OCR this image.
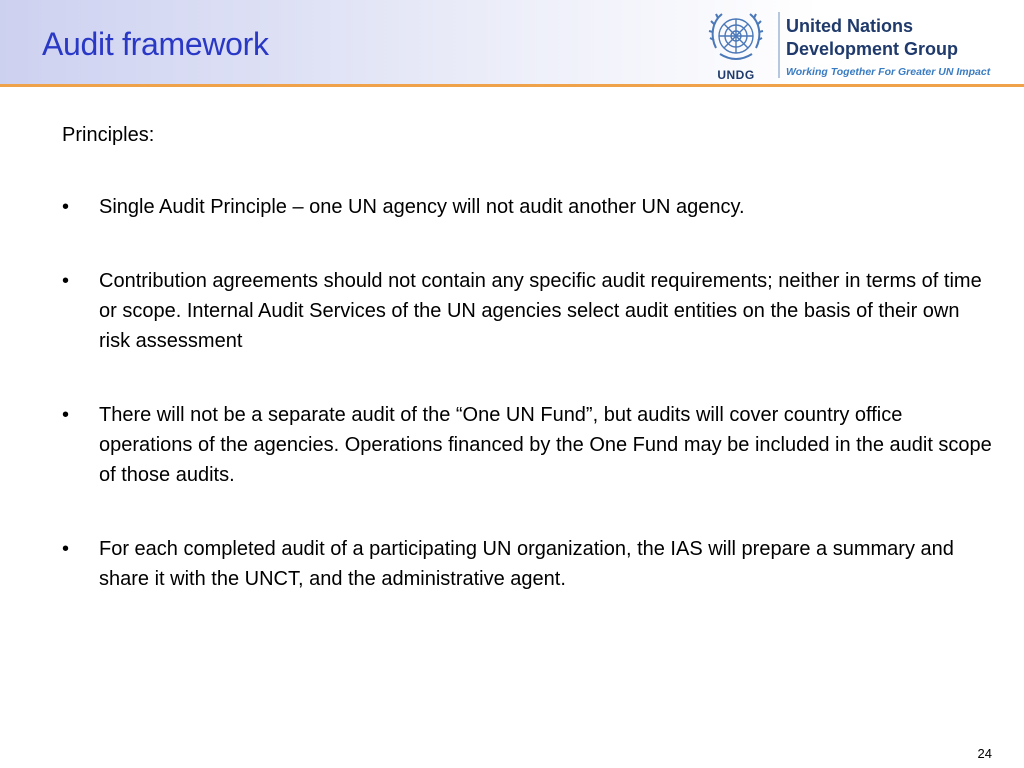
Audit framework
UNDG
United Nations
Development Group
Working Together For Greater UN Impact

Principles:

• Single Audit Principle – one UN agency will not audit another UN agency.
• Contribution agreements should not contain any specific audit requirements; neither in terms of time or scope. Internal Audit Services of the UN agencies select audit entities on the basis of their own risk assessment
• There will not be a separate audit of the “One UN Fund”, but audits will cover country office operations of the agencies. Operations financed by the One Fund may be included in the audit scope of those audits.
• For each completed audit of a participating UN organization, the IAS will prepare a summary and share it with the UNCT, and the administrative agent.
24
